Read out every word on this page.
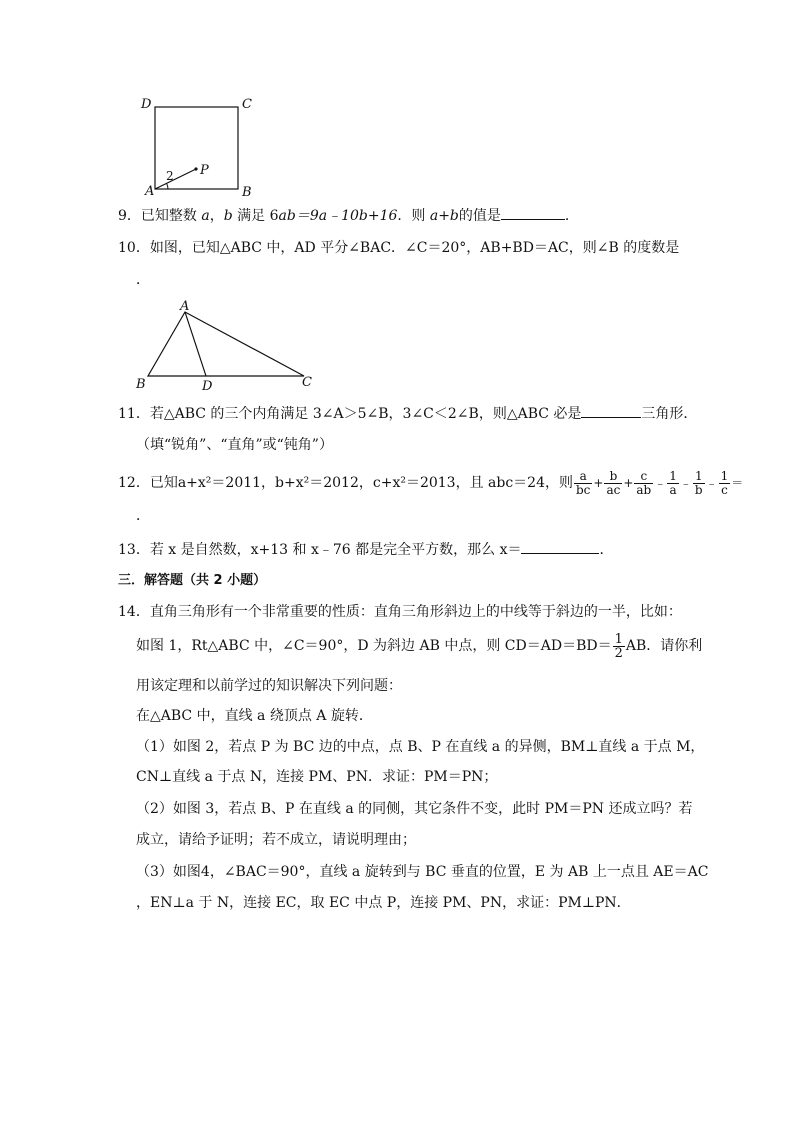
D	C
A	B
P
2
9．已知整数 a，b 满足 6ab＝9a﹣10b+16．则 a+b的值是	．
10．如图，已知△ABC 中，AD 平分∠BAC．∠C＝20°，AB+BD＝AC，则∠B 的度数是
．
A
B	D	C
11．若△ABC 的三个内角满足 3∠A＞5∠B，3∠C＜2∠B，则△ABC 必是	三角形．
（填“锐角”、“直角”或“钝角”）
12．已知a+x²＝2011，b+x²＝2012，c+x²＝2013，且 abc＝24，则 $\frac{a}{bc} + \frac{b}{ac} + \frac{c}{ab}$ ﹣ $\frac{1}{a}$ ﹣ $\frac{1}{b}$ ﹣ $\frac{1}{c}$ ＝
．
13．若 x 是自然数，x+13 和 x﹣76 都是完全平方数，那么 x＝	．
三．解答题（共 2 小题）
14．直角三角形有一个非常重要的性质：直角三角形斜边上的中线等于斜边的一半，比如：
如图 1，Rt△ABC 中，∠C＝90°，D 为斜边 AB 中点，则 $CD=AD=BD= \frac{1}{2}$ AB．请你利
用该定理和以前学过的知识解决下列问题：
在△ABC 中，直线 a 绕顶点 A 旋转．
（1）如图 2，若点 P 为 BC 边的中点，点 B、P 在直线 a 的异侧，BM⊥直线 a 于点 M，
CN⊥直线 a 于点 N，连接 PM、PN．求证：PM＝PN；
（2）如图 3，若点 B、P 在直线 a 的同侧，其它条件不变，此时 PM＝PN 还成立吗？若
成立，请给予证明；若不成立，请说明理由；
（3）如图4，∠BAC＝90°，直线 a 旋转到与 BC 垂直的位置，E 为 AB 上一点且 AE＝AC
，EN⊥a 于 N，连接 EC，取 EC 中点 P，连接 PM、PN，求证：PM⊥PN．
